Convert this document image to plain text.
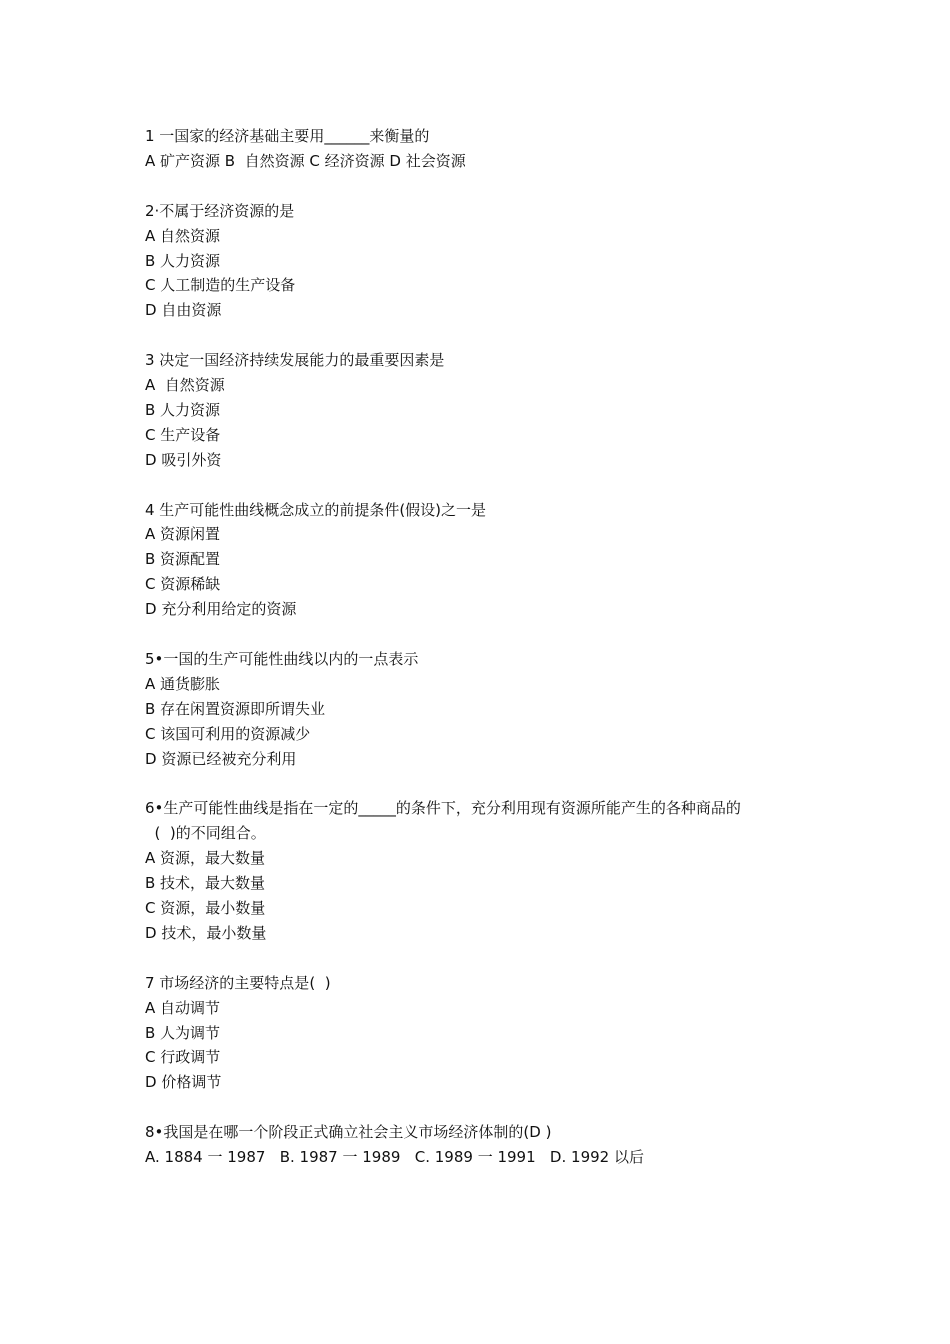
1 一国家的经济基础主要用______来衡量的

A 矿产资源 B  自然资源 C 经济资源 D 社会资源

2·不属于经济资源的是

A 自然资源

B 人力资源

C 人工制造的生产设备

D 自由资源

3 决定一国经济持续发展能力的最重要因素是

A  自然资源

B 人力资源

C 生产设备

D 吸引外资

4 生产可能性曲线概念成立的前提条件(假设)之一是

A 资源闲置

B 资源配置

C 资源稀缺

D 充分利用给定的资源

5•一国的生产可能性曲线以内的一点表示

A 通货膨胀

B 存在闲置资源即所谓失业

C 该国可利用的资源减少

D 资源已经被充分利用

6•生产可能性曲线是指在一定的_____的条件下，充分利用现有资源所能产生的各种商品的

(  )的不同组合。

A 资源，最大数量

B 技术，最大数量

C 资源，最小数量

D 技术，最小数量

7 市场经济的主要特点是(  )

A 自动调节

B 人为调节

C 行政调节

D 价格调节

8•我国是在哪一个阶段正式确立社会主义市场经济体制的(D )

A. 1884 一 1987   B. 1987 一 1989   C. 1989 一 1991   D. 1992 以后
